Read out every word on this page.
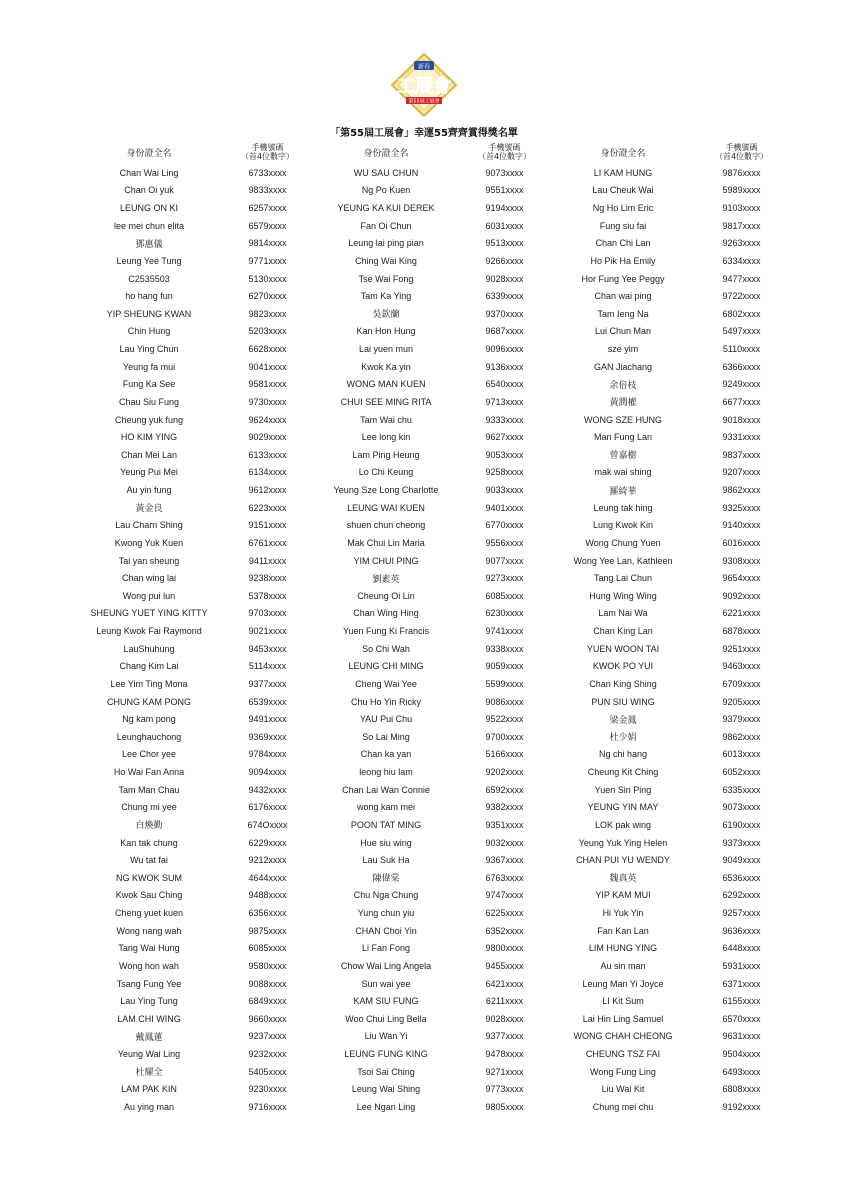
新春
工展會
第55屆工展會
「第55屆工展會」幸運55齊齊賞得獎名單
身份證全名
手機號碼
（首4位數字）
Chan Wai Ling	6733xxxx
Chan Oi yuk	9833xxxx
LEUNG ON KI	6257xxxx
lee mei chun elita	6579xxxx
鄧惠儀	9814xxxx
Leung Yee Tung	9771xxxx
C2535503	5130xxxx
ho hang fun	6270xxxx
YIP SHEUNG KWAN	9823xxxx
Chin Hung	5203xxxx
Lau Ying Chun	6628xxxx
Yeung fa mui	9041xxxx
Fung Ka See	9581xxxx
Chau Siu Fung	9730xxxx
Cheung yuk fung	9624xxxx
HO KIM YING	9029xxxx
Chan Mei Lan	6133xxxx
Yeung Pui Mei	6134xxxx
Au yin fung	9612xxxx
黃金良	6223xxxx
Lau Charn Shing	9151xxxx
Kwong Yuk Kuen	6761xxxx
Tai yan sheung	9411xxxx
Chan wing lai	9238xxxx
Wong pui lun	5378xxxx
SHEUNG YUET YING KITTY	9703xxxx
Leung Kwok Fai Raymond	9021xxxx
LauShuhung	9453xxxx
Chang Kim Lai	5114xxxx
Lee Yim Ting Mona	9377xxxx
CHUNG KAM PONG	6539xxxx
Ng kam pong	9491xxxx
Leunghauchong	9369xxxx
Lee Chor yee	9784xxxx
Ho Wai Fan Anna	9094xxxx
Tam Man Chau	9432xxxx
Chung mi yee	6176xxxx
白煥勤	674Oxxxx
Kan tak chung	6229xxxx
Wu tat fai	9212xxxx
NG KWOK SUM	4644xxxx
Kwok Sau Ching	9488xxxx
Cheng yuet kuen	6356xxxx
Wong nang wah	9875xxxx
Tang Wai Hung	6085xxxx
Wong hon wah	9580xxxx
Tsang Fung Yee	9088xxxx
Lau Ying Tung	6849xxxx
LAM CHI WING	9660xxxx
戴鳳蓮	9237xxxx
Yeung Wai Ling	9232xxxx
杜耀全	5405xxxx
LAM PAK KIN	9230xxxx
Au ying man	9716xxxx
身份證全名
手機號碼
（首4位數字）
WU SAU CHUN	9073xxxx
Ng Po Kuen	9551xxxx
YEUNG KA KUI DEREK	9194xxxx
Fan Oi Chun	6031xxxx
Leung lai ping pian	9513xxxx
Ching Wai King	9266xxxx
Tse Wai Fong	9028xxxx
Tam Ka Ying	6339xxxx
吳欽蘭	9370xxxx
Kan Hon Hung	9687xxxx
Lai yuen mun	9096xxxx
Kwok Ka yin	9136xxxx
WONG MAN KUEN	6540xxxx
CHUI SEE MING RITA	9713xxxx
Tam Wai chu	9333xxxx
Lee long kin	9627xxxx
Lam Ping Heung	9053xxxx
Lo Chi Keung	9258xxxx
Yeung Sze Long Charlotte	9033xxxx
LEUNG WAI KUEN	9401xxxx
shuen chun cheong	6770xxxx
Mak Chui Lin Maria	9556xxxx
YIM CHUI PING	9077xxxx
劉素英	9273xxxx
Cheung Oi Lin	6085xxxx
Chan Wing Hing	6230xxxx
Yuen Fung Ki Francis	9741xxxx
So Chi Wah	9338xxxx
LEUNG CHI MING	9059xxxx
Cheng Wai Yee	5599xxxx
Chu Ho Yin Ricky	9086xxxx
YAU Pui Chu	9522xxxx
So Lai Ming	9700xxxx
Chan ka yan	5166xxxx
leong hiu lam	9202xxxx
Chan Lai Wan Connie	6592xxxx
wong kam mei	9382xxxx
POON TAT MING	9351xxxx
Hue siu wing	9032xxxx
Lau Suk Ha	9367xxxx
陳偉棠	6763xxxx
Chu Nga Chung	9747xxxx
Yung chun yiu	6225xxxx
CHAN Choi Yin	6352xxxx
Li Fan Fong	9800xxxx
Chow Wai Ling Angela	9455xxxx
Sun wai yee	6421xxxx
KAM SIU FUNG	6211xxxx
Woo Chui Ling Bella	9028xxxx
Liu Wan Yi	9377xxxx
LEUNG FUNG KING	9478xxxx
Tsoi Sai Ching	9271xxxx
Leung Wai Shing	9773xxxx
Lee Ngan Ling	9805xxxx
身份證全名
手機號碼
（首4位數字）
LI KAM HUNG	9876xxxx
Lau Cheuk Wai	5989xxxx
Ng Ho Lim Eric	9103xxxx
Fung siu fai	9817xxxx
Chan Chi Lan	9263xxxx
Ho Pik Ha Emily	6334xxxx
Hor Fung Yee Peggy	9477xxxx
Chan wai ping	9722xxxx
Tam Ieng Na	6802xxxx
Lui Chun Man	5497xxxx
sze yim	5110xxxx
GAN Jiachang	6366xxxx
余倍枝	9249xxxx
黃潤權	6677xxxx
WONG SZE HUNG	9018xxxx
Man Fung Lan	9331xxxx
曾嘉樹	9837xxxx
mak wai shing	9207xxxx
羅綺華	9862xxxx
Leung tak hing	9325xxxx
Lung Kwok Kin	9140xxxx
Wong Chung Yuen	6016xxxx
Wong Yee Lan, Kathleen	9308xxxx
Tang Lai Chun	9654xxxx
Hung Wing Wing	9092xxxx
Lam Nai Wa	6221xxxx
Chan King Lan	6878xxxx
YUEN WOON TAI	9251xxxx
KWOK PO YUI	9463xxxx
Chan King Shing	6709xxxx
PUN SIU WING	9205xxxx
梁金鳳	9379xxxx
杜少娟	9862xxxx
Ng chi hang	6013xxxx
Cheung Kit Ching	6052xxxx
Yuen Sin Ping	6335xxxx
YEUNG YIN MAY	9073xxxx
LOK pak wing	6190xxxx
Yeung Yuk Ying Helen	9373xxxx
CHAN PUI YU WENDY	9049xxxx
魏真英	6536xxxx
YIP KAM MUI	6292xxxx
Hi Yuk Yin	9257xxxx
Fan Kan Lan	9636xxxx
LIM HUNG YING	6448xxxx
Au sin man	5931xxxx
Leung Man Yi Joyce	6371xxxx
LI Kit Sum	6155xxxx
Lai Hin Ling Samuel	6570xxxx
WONG CHAH CHEONG	9631xxxx
CHEUNG TSZ FAI	9504xxxx
Wong Fung Ling	6493xxxx
Liu Wai Kit	6808xxxx
Chung mei chu	9192xxxx
